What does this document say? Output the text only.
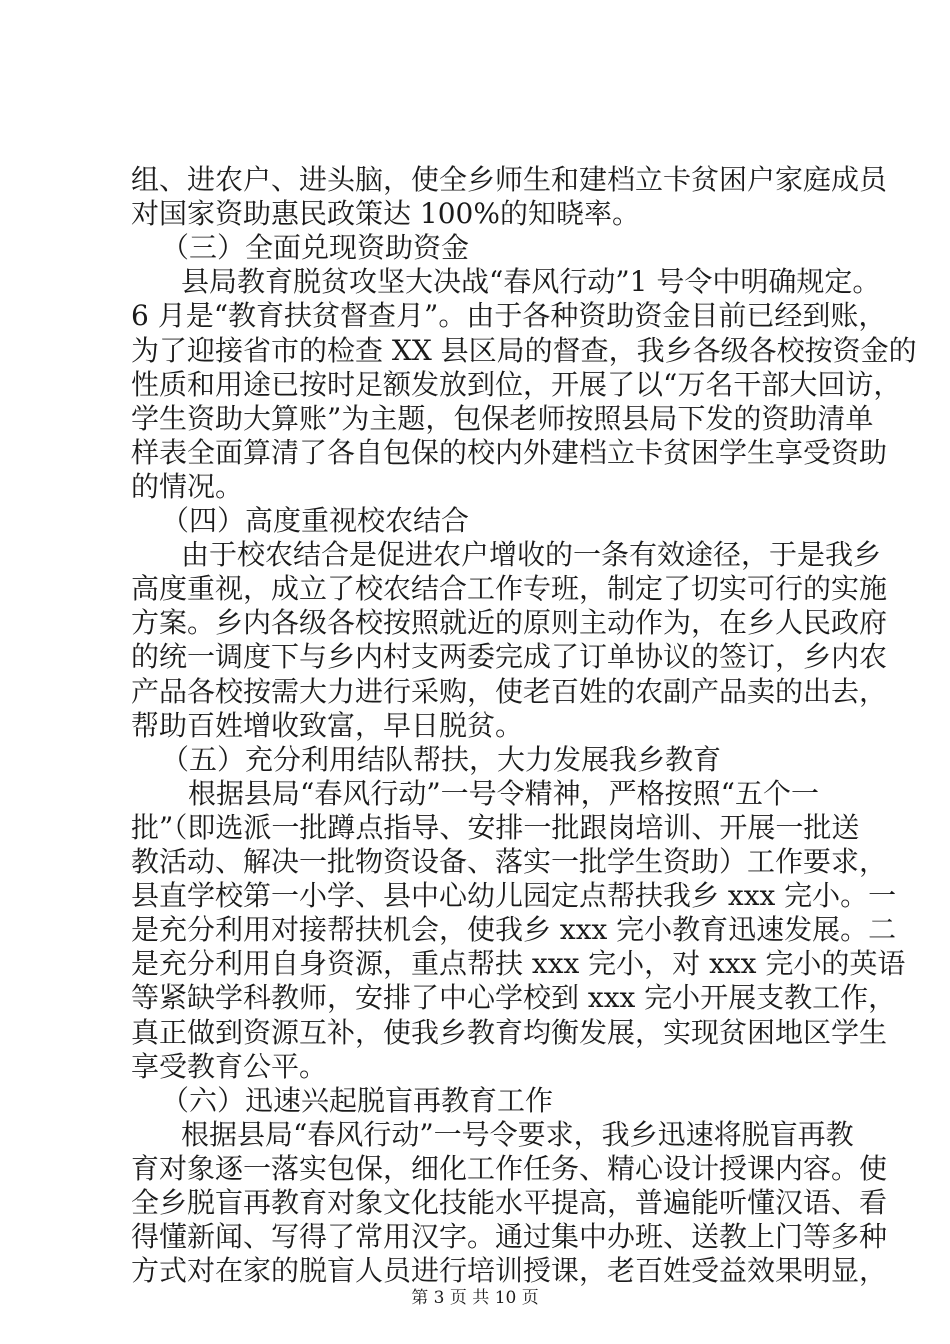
组、进农户、进头脑，使全乡师生和建档立卡贫困户家庭成员
对国家资助惠民政策达 100%的知晓率。
（三）全面兑现资助资金
县局教育脱贫攻坚大决战“春风行动”1 号令中明确规定。
6 月是“教育扶贫督查月”。由于各种资助资金目前已经到账，
为了迎接省市的检查 XX 县区局的督查，我乡各级各校按资金的
性质和用途已按时足额发放到位，开展了以“万名干部大回访，
学生资助大算账”为主题，包保老师按照县局下发的资助清单
样表全面算清了各自包保的校内外建档立卡贫困学生享受资助
的情况。
（四）高度重视校农结合
由于校农结合是促进农户增收的一条有效途径，于是我乡
高度重视，成立了校农结合工作专班，制定了切实可行的实施
方案。乡内各级各校按照就近的原则主动作为，在乡人民政府
的统一调度下与乡内村支两委完成了订单协议的签订，乡内农
产品各校按需大力进行采购，使老百姓的农副产品卖的出去，
帮助百姓增收致富，早日脱贫。
（五）充分利用结队帮扶，大力发展我乡教育
根据县局“春风行动”一号令精神，严格按照“五个一
批”（即选派一批蹲点指导、安排一批跟岗培训、开展一批送
教活动、解决一批物资设备、落实一批学生资助）工作要求，
县直学校第一小学、县中心幼儿园定点帮扶我乡 xxx 完小。一
是充分利用对接帮扶机会，使我乡 xxx 完小教育迅速发展。二
是充分利用自身资源，重点帮扶 xxx 完小，对 xxx 完小的英语
等紧缺学科教师，安排了中心学校到 xxx 完小开展支教工作，
真正做到资源互补，使我乡教育均衡发展，实现贫困地区学生
享受教育公平。
（六）迅速兴起脱盲再教育工作
根据县局“春风行动”一号令要求，我乡迅速将脱盲再教
育对象逐一落实包保，细化工作任务、精心设计授课内容。使
全乡脱盲再教育对象文化技能水平提高，普遍能听懂汉语、看
得懂新闻、写得了常用汉字。通过集中办班、送教上门等多种
方式对在家的脱盲人员进行培训授课，老百姓受益效果明显，
第 3 页 共 10 页
